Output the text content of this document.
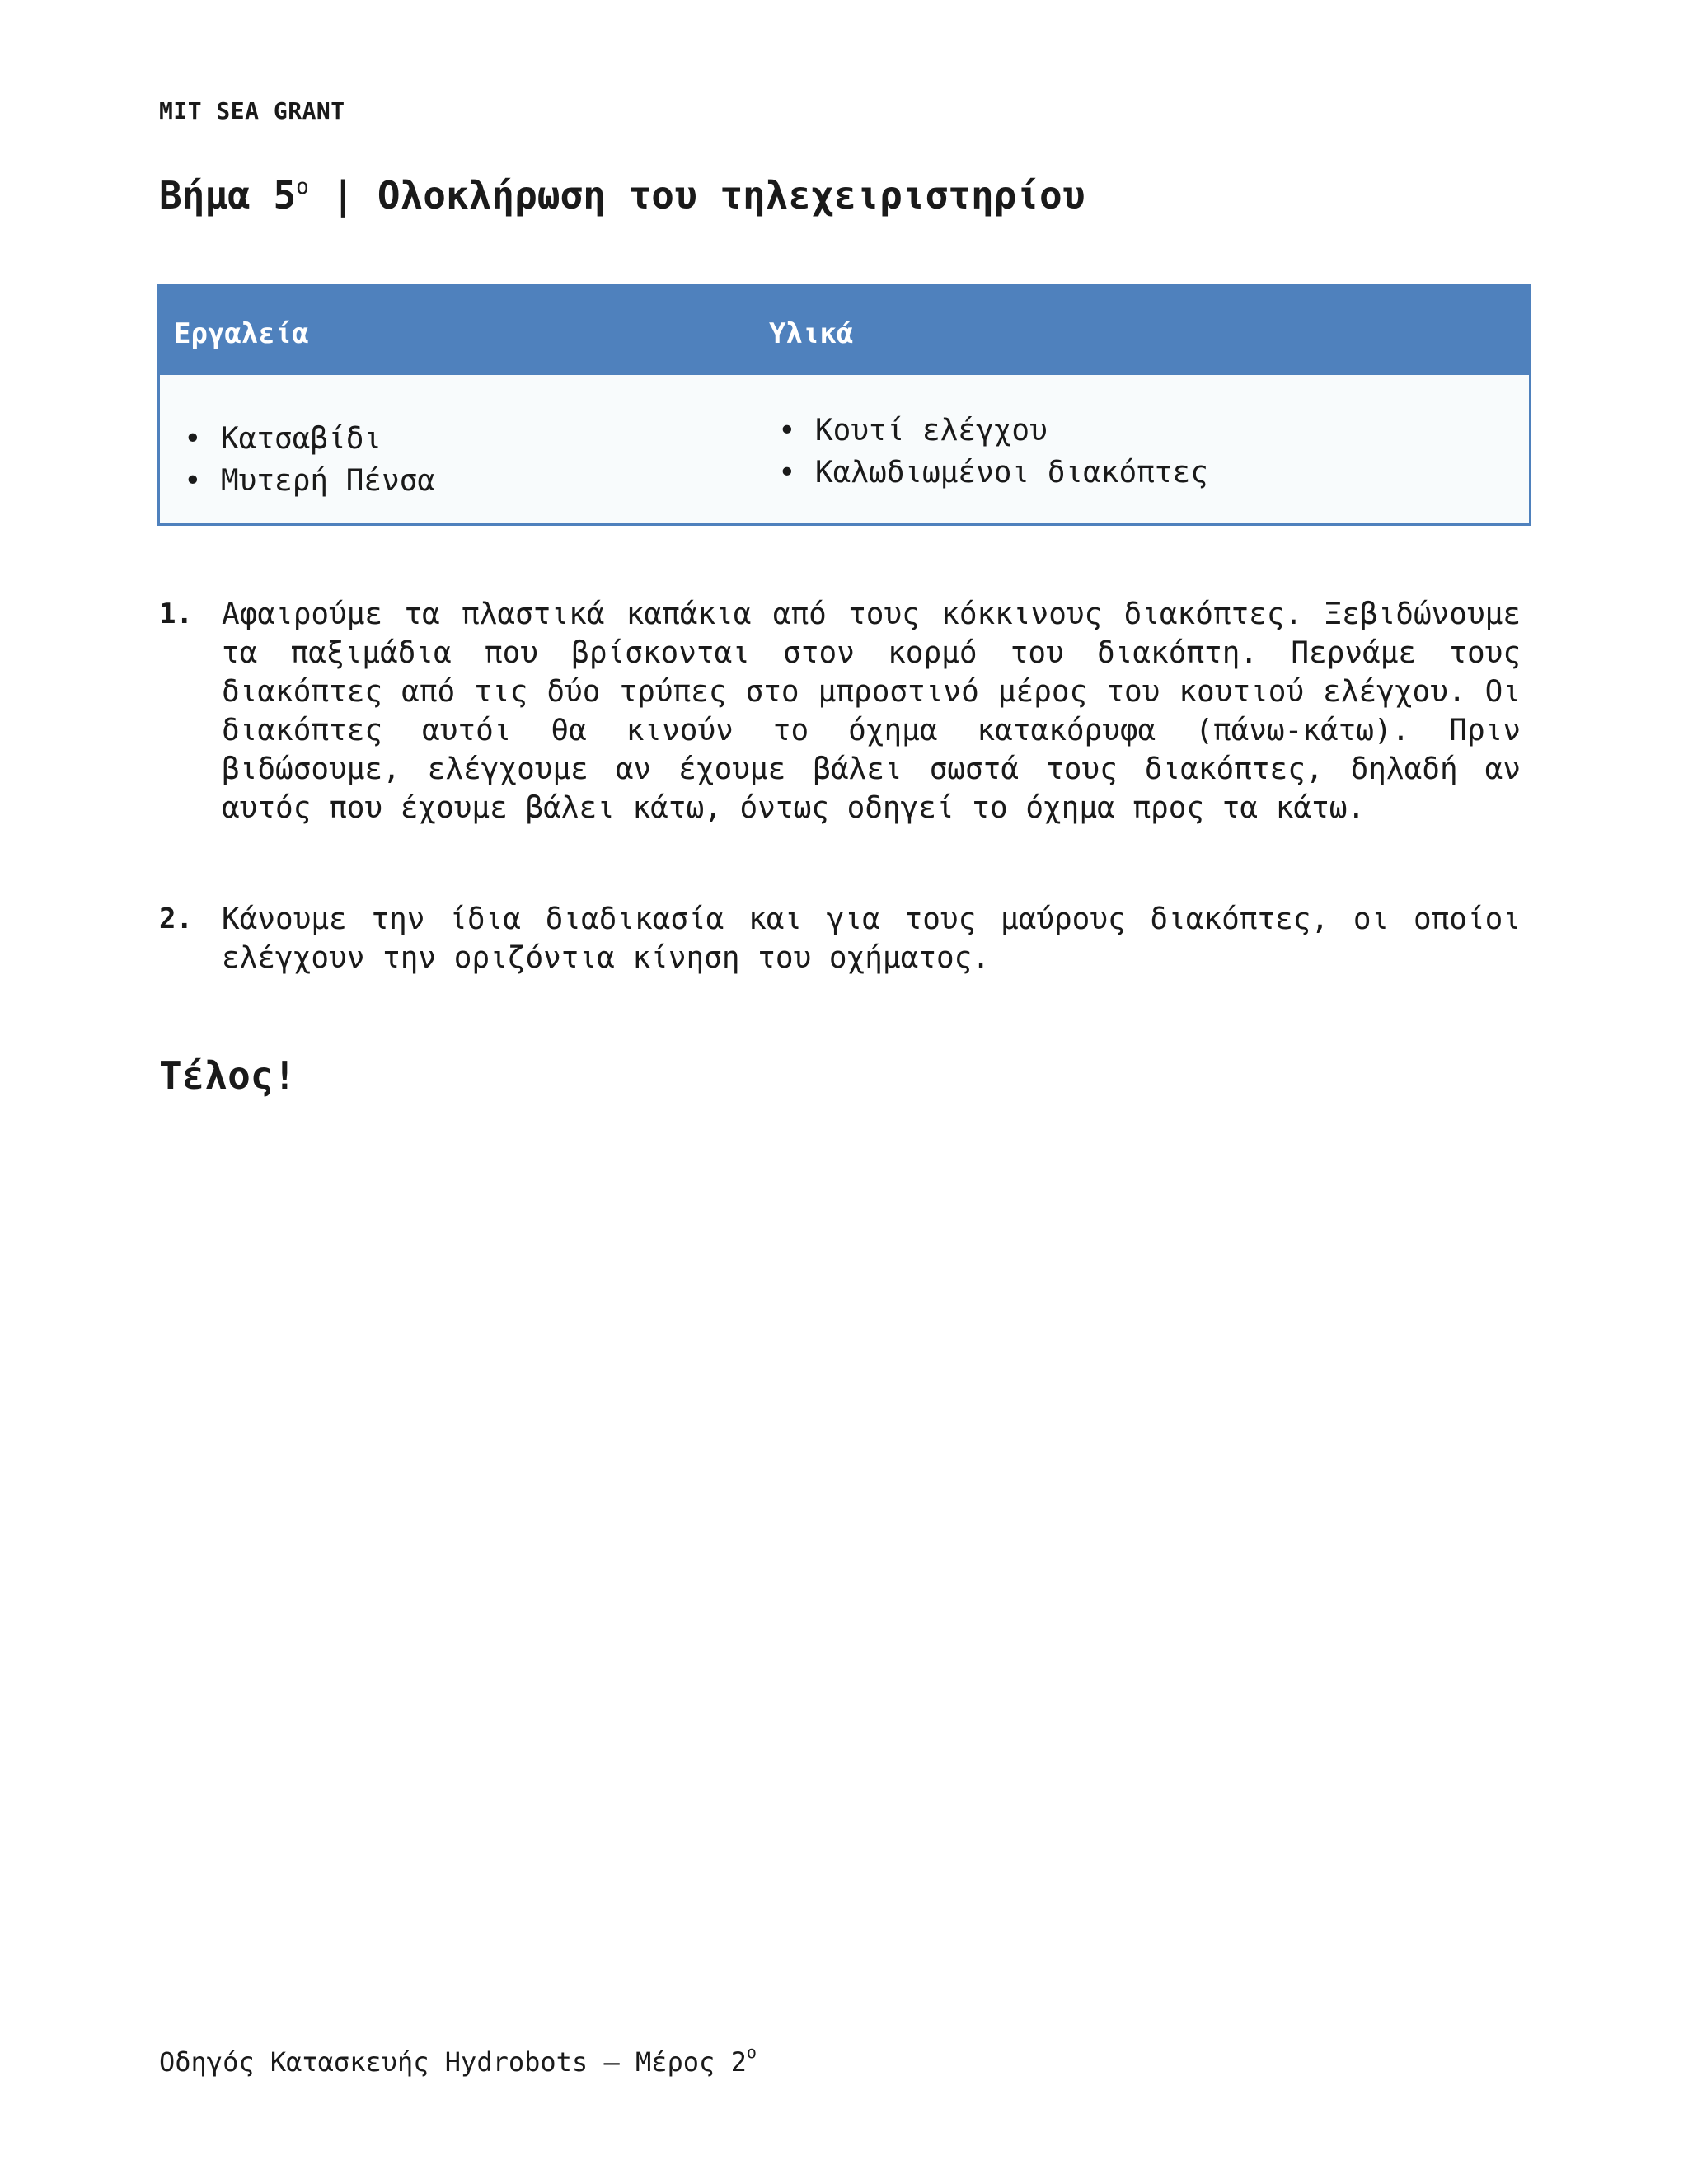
MIT SEA GRANT
Βήμα $5^o$ | Ολοκλήρωση του τηλεχειριστηρίου
Εργαλεία	Υλικά
• Κατσαβίδι
• Μυτερή Πένσα
• Κουτί ελέγχου
• Καλωδιωμένοι διακόπτες
1. Αφαιρούμε τα πλαστικά καπάκια από τους κόκκινους διακόπτες. Ξεβιδώνουμε τα παξιμάδια που βρίσκονται στον κορμό του διακόπτη. Περνάμε τους διακόπτες από τις δύο τρύπες στο μπροστινό μέρος του κουτιού ελέγχου. Οι διακόπτες αυτόι θα κινούν το όχημα κατακόρυφα (πάνω-κάτω). Πριν βιδώσουμε, ελέγχουμε αν έχουμε βάλει σωστά τους διακόπτες, δηλαδή αν αυτός που έχουμε βάλει κάτω, όντως οδηγεί το όχημα προς τα κάτω.
2. Κάνουμε την ίδια διαδικασία και για τους μαύρους διακόπτες, οι οποίοι ελέγχουν την οριζόντια κίνηση του οχήματος.
Τέλος!
Οδηγός Κατασκευής Hydrobots – Μέρος $2^o$
